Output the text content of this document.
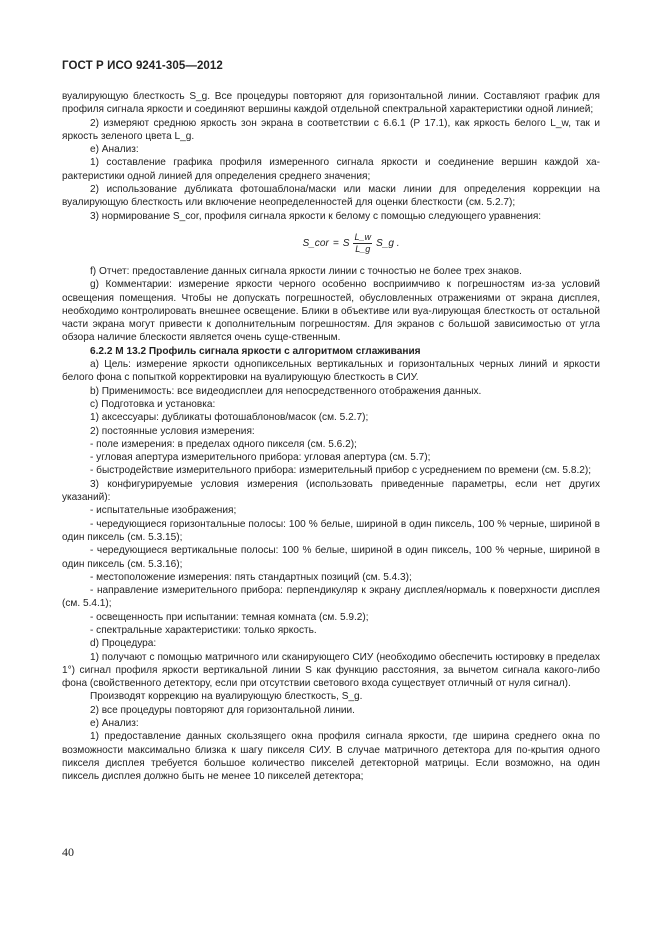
ГОСТ Р ИСО 9241-305—2012

вуалирующую блесткость S_g. Все процедуры повторяют для горизонтальной линии. Составляют график для профиля сигнала яркости и соединяют вершины каждой отдельной спектральной характеристики одной линией;

2) измеряют среднюю яркость зон экрана в соответствии с 6.6.1 (Р 17.1), как яркость белого L_w, так и яркость зеленого цвета L_g.

е) Анализ:

1) составление графика профиля измеренного сигнала яркости и соединение вершин каждой ха-рактеристики одной линией для определения среднего значения;

2) использование дубликата фотошаблона/маски или маски линии для определения коррекции на вуалирующую блесткость или включение неопределенностей для оценки блесткости (см. 5.2.7);

3) нормирование S_cor, профиля сигнала яркости к белому с помощью следующего уравнения:

S_cor = S $\frac{L\_w}{L\_g}$ S_g .

f) Отчет: предоставление данных сигнала яркости линии с точностью не более трех знаков.

g) Комментарии: измерение яркости черного особенно восприимчиво к погрешностям из-за условий освещения помещения. Чтобы не допускать погрешностей, обусловленных отражениями от экрана дисплея, необходимо контролировать внешнее освещение. Блики в объективе или вуа-лирующая блесткость от остальной части экрана могут привести к дополнительным погрешностям. Для экранов с большой зависимостью от угла обзора наличие блескости является очень суще-ственным.

6.2.2 М 13.2 Профиль сигнала яркости с алгоритмом сглаживания

а) Цель: измерение яркости однопиксельных вертикальных и горизонтальных черных линий и яркости белого фона с попыткой корректировки на вуалирующую блесткость в СИУ.

b) Применимость: все видеодисплеи для непосредственного отображения данных.

c) Подготовка и установка:

1) аксессуары: дубликаты фотошаблонов/масок (см. 5.2.7);

2) постоянные условия измерения:

- поле измерения: в пределах одного пикселя (см. 5.6.2);

- угловая апертура измерительного прибора: угловая апертура (см. 5.7);

- быстродействие измерительного прибора: измерительный прибор с усреднением по времени (см. 5.8.2);

3) конфигурируемые условия измерения (использовать приведенные параметры, если нет других указаний):

- испытательные изображения;

- чередующиеся горизонтальные полосы: 100 % белые, шириной в один пиксель, 100 % черные, шириной в один пиксель (см. 5.3.15);

- чередующиеся вертикальные полосы: 100 % белые, шириной в один пиксель, 100 % черные, шириной в один пиксель (см. 5.3.16);

- местоположение измерения: пять стандартных позиций (см. 5.4.3);

- направление измерительного прибора: перпендикуляр к экрану дисплея/нормаль к поверхности дисплея (см. 5.4.1);

- освещенность при испытании: темная комната (см. 5.9.2);

- спектральные характеристики: только яркость.

d) Процедура:

1) получают с помощью матричного или сканирующего СИУ (необходимо обеспечить юстировку в пределах 1°) сигнал профиля яркости вертикальной линии S как функцию расстояния, за вычетом сигнала какого-либо фона (свойственного детектору, если при отсутствии светового входа существует отличный от нуля сигнал).

Производят коррекцию на вуалирующую блесткость, S_g.

2) все процедуры повторяют для горизонтальной линии.

e) Анализ:

1) предоставление данных скользящего окна профиля сигнала яркости, где ширина среднего окна по возможности максимально близка к шагу пикселя СИУ. В случае матричного детектора для по-крытия одного пикселя дисплея требуется большое количество пикселей детекторной матрицы. Если возможно, на один пиксель дисплея должно быть не менее 10 пикселей детектора;

40
